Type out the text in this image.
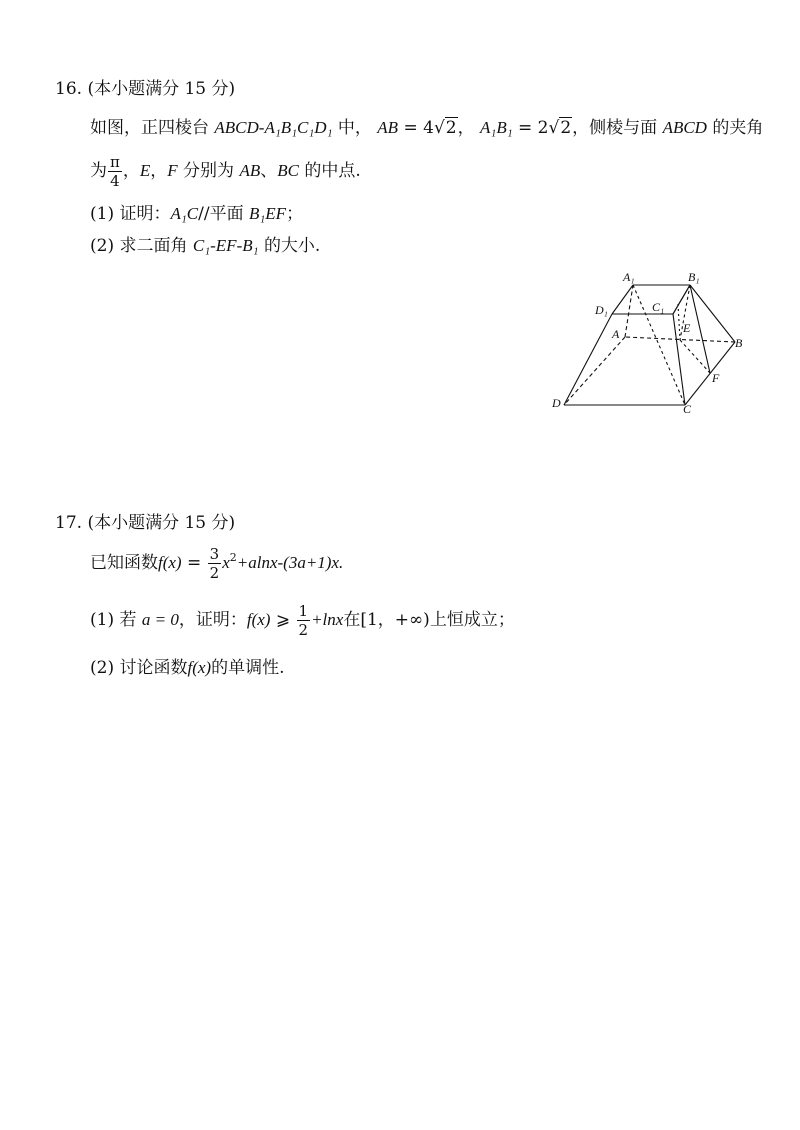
16. (本小题满分 15 分)
如图，正四棱台 ABCD-A₁B₁C₁D₁ 中， AB = 4√2， A₁B₁ = 2√2，侧棱与面 ABCD 的夹角
为 $\frac{\pi}{4}$ ，E，F 分别为 AB、BC 的中点.
(1) 证明：A₁C//平面 B₁EF；
(2) 求二面角 C₁-EF-B₁ 的大小.
A₁	B₁
C₁
D₁
A
B
C
D
E
F
17. (本小题满分 15 分)
已知函数$f(x) = \frac{3}{2} x^2+alnx-(3a+1)x$.
(1) 若 a = 0，证明：f(x) ⩾ $\frac{1}{2} +\ln x$在[1，+∞)上恒成立；
(2) 讨论函数f(x)的单调性.
